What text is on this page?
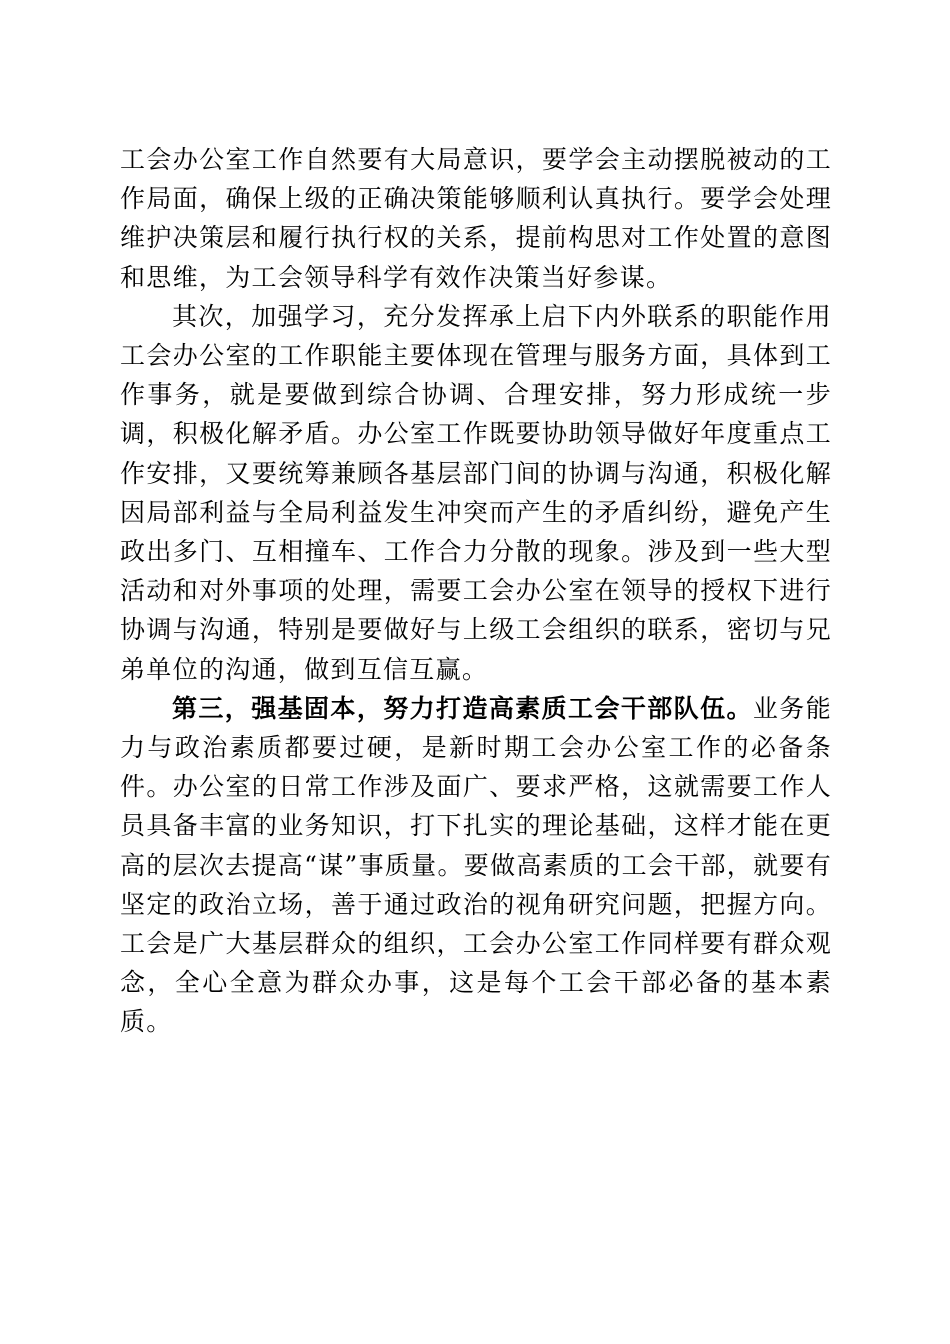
工会办公室工作自然要有大局意识，要学会主动摆脱被动的工作局面，确保上级的正确决策能够顺利认真执行。要学会处理维护决策层和履行执行权的关系，提前构思对工作处置的意图和思维，为工会领导科学有效作决策当好参谋。

其次，加强学习，充分发挥承上启下内外联系的职能作用工会办公室的工作职能主要体现在管理与服务方面，具体到工作事务，就是要做到综合协调、合理安排，努力形成统一步调，积极化解矛盾。办公室工作既要协助领导做好年度重点工作安排，又要统筹兼顾各基层部门间的协调与沟通，积极化解因局部利益与全局利益发生冲突而产生的矛盾纠纷，避免产生政出多门、互相撞车、工作合力分散的现象。涉及到一些大型活动和对外事项的处理，需要工会办公室在领导的授权下进行协调与沟通，特别是要做好与上级工会组织的联系，密切与兄弟单位的沟通，做到互信互赢。

第三，强基固本，努力打造高素质工会干部队伍。业务能力与政治素质都要过硬，是新时期工会办公室工作的必备条件。办公室的日常工作涉及面广、要求严格，这就需要工作人员具备丰富的业务知识，打下扎实的理论基础，这样才能在更高的层次去提高“谋”事质量。要做高素质的工会干部，就要有坚定的政治立场，善于通过政治的视角研究问题，把握方向。工会是广大基层群众的组织，工会办公室工作同样要有群众观念，全心全意为群众办事，这是每个工会干部必备的基本素质。
